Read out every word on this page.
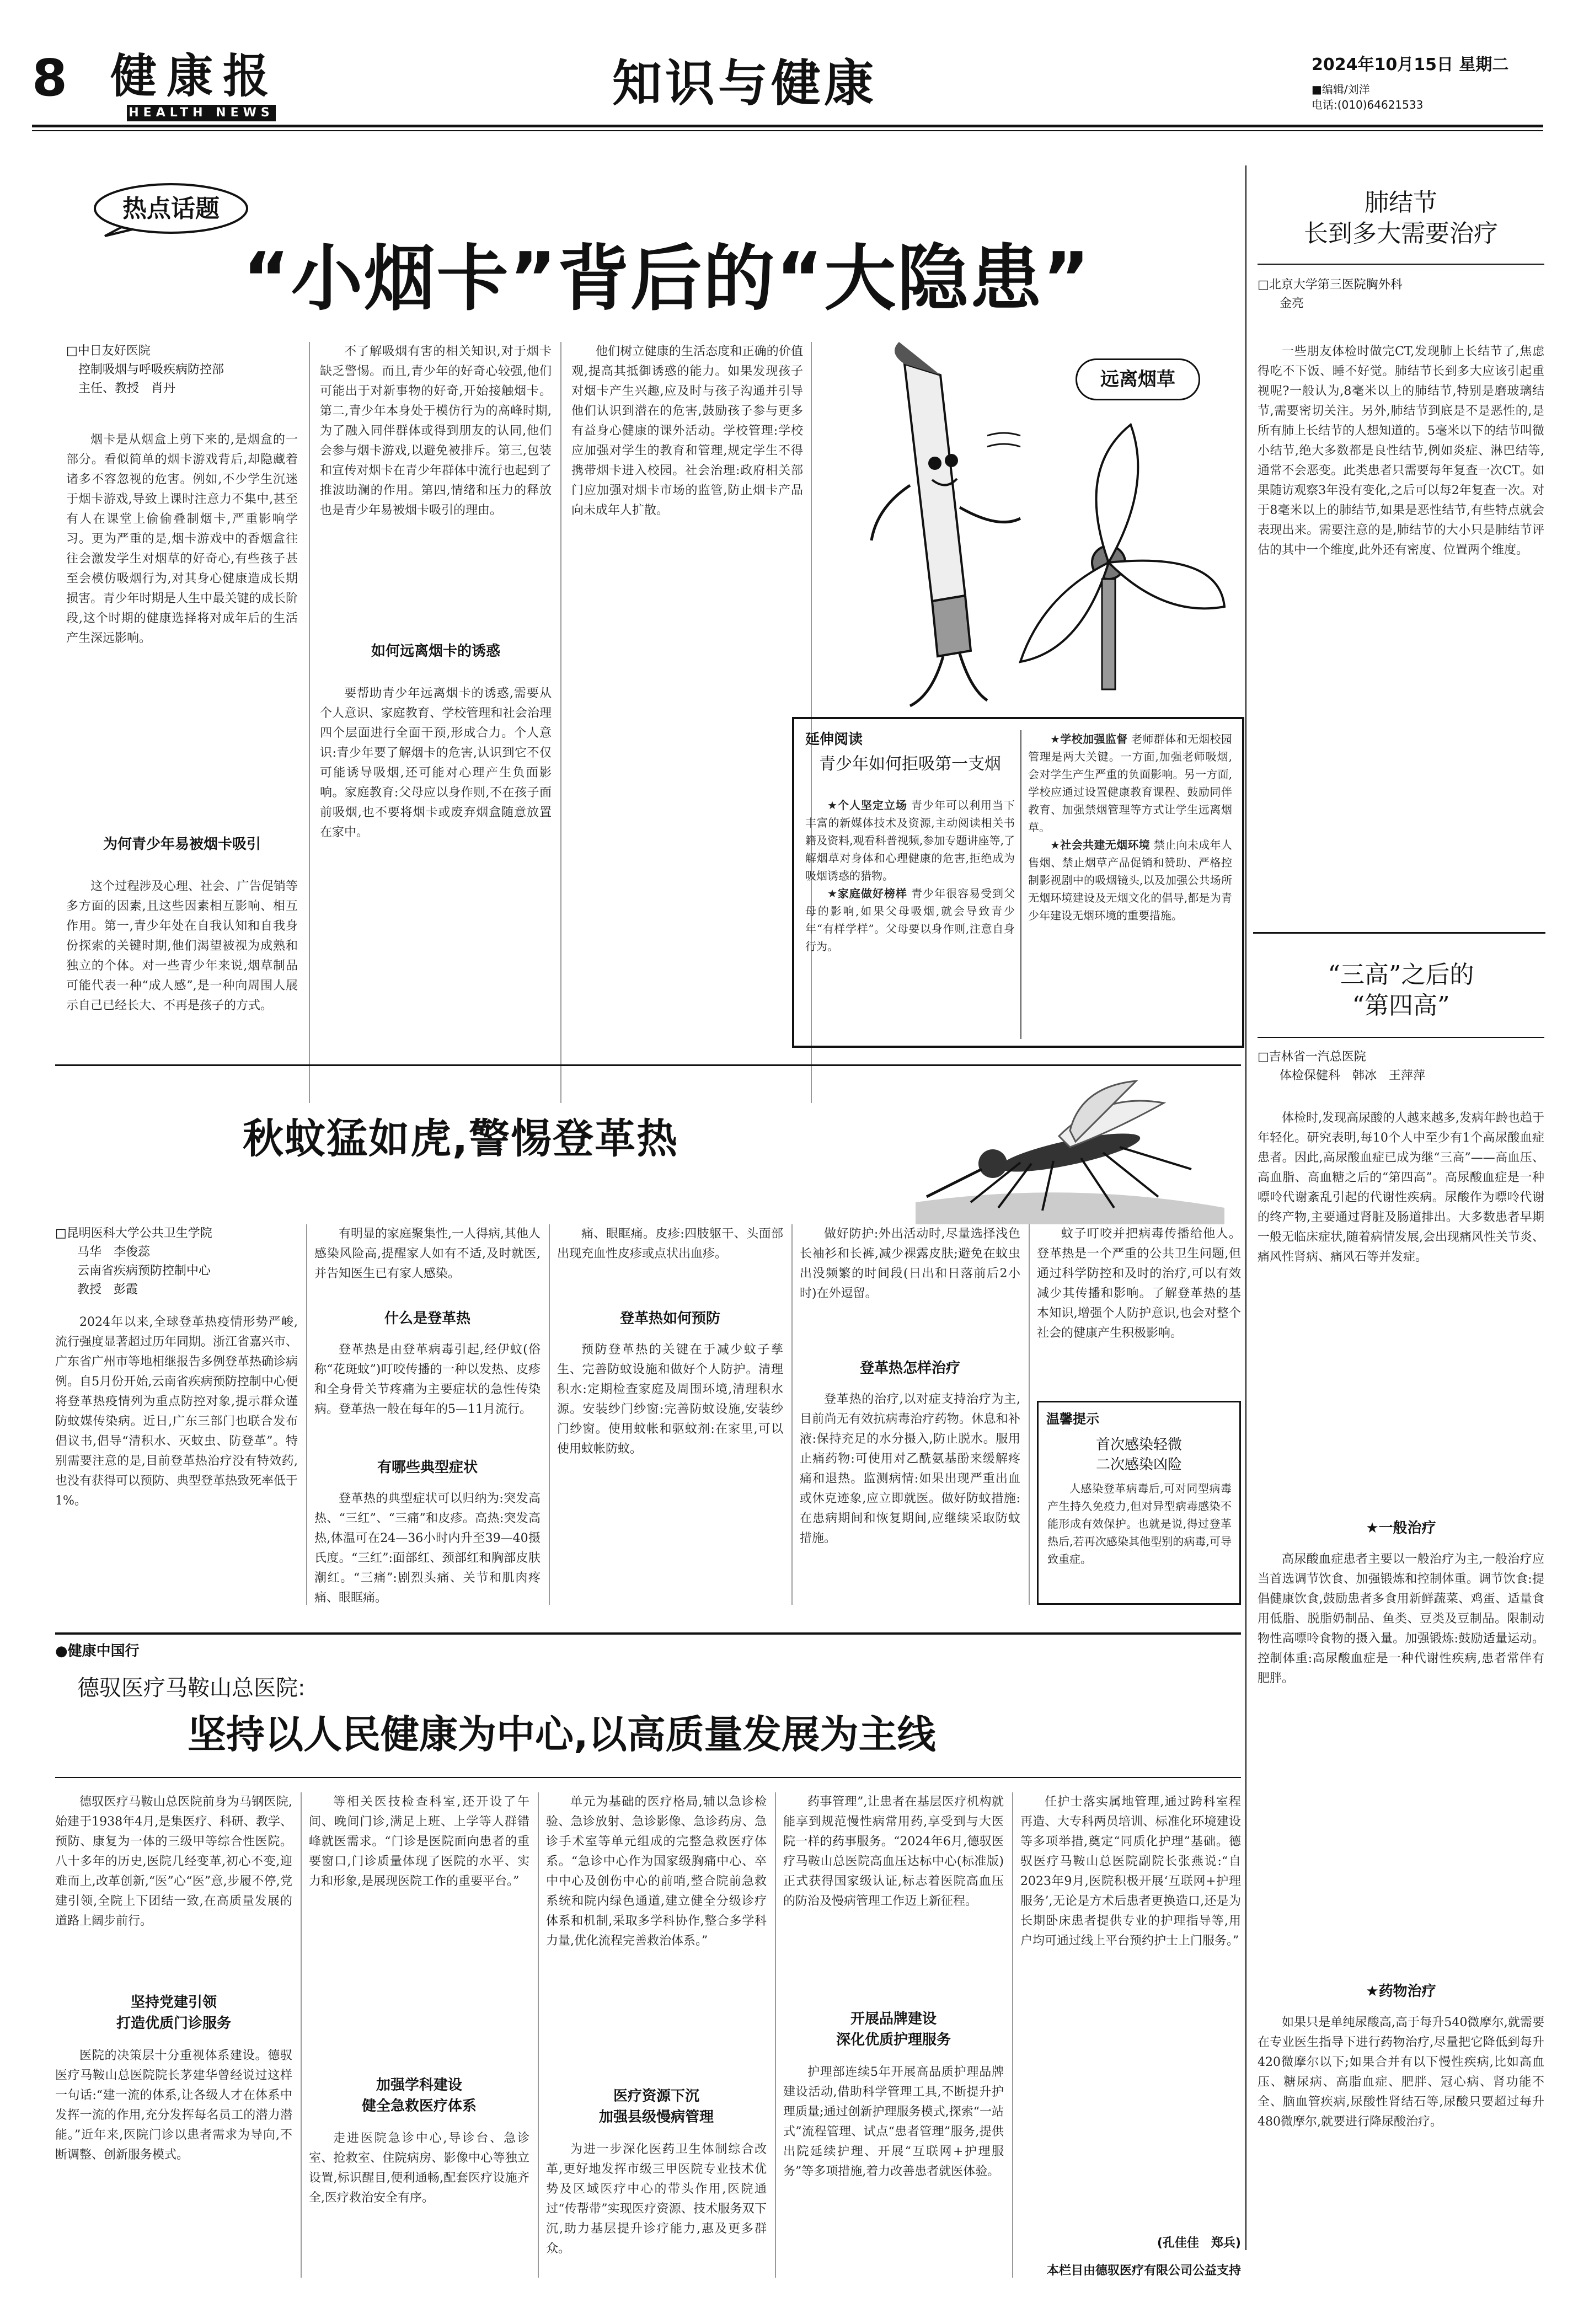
8 健康报
HEALTH NEWS
知识与健康	2024年10月15日 星期二
■编辑/刘洋
电话:(010)64621533
热点话题
“小烟卡”背后的“大隐患”
□中日友好医院
控制吸烟与呼吸疾病防控部
主任、教授　肖丹

烟卡是从烟盒上剪下来的,是烟盒的一部分。看似简单的烟卡游戏背后,却隐藏着诸多不容忽视的危害。例如,不少学生沉迷于烟卡游戏,导致上课时注意力不集中,甚至有人在课堂上偷偷叠制烟卡,严重影响学习。更为严重的是,烟卡游戏中的香烟盒往往会激发学生对烟草的好奇心,有些孩子甚至会模仿吸烟行为,对其身心健康造成长期损害。青少年时期是人生中最关键的成长阶段,这个时期的健康选择将对成年后的生活产生深远影响。

为何青少年易被烟卡吸引

这个过程涉及心理、社会、广告促销等多方面的因素,且这些因素相互影响、相互作用。第一,青少年处在自我认知和自我身份探索的关键时期,他们渴望被视为成熟和独立的个体。对一些青少年来说,烟草制品可能代表一种“成人感”,是一种向周围人展示自己已经长大、不再是孩子的方式。

不了解吸烟有害的相关知识,对于烟卡缺乏警惕。而且,青少年的好奇心较强,他们可能出于对新事物的好奇,开始接触烟卡。第二,青少年本身处于模仿行为的高峰时期,为了融入同伴群体或得到朋友的认同,他们会参与烟卡游戏,以避免被排斥。第三,包装和宣传对烟卡在青少年群体中流行也起到了推波助澜的作用。第四,情绪和压力的释放也是青少年易被烟卡吸引的理由。

如何远离烟卡的诱惑

要帮助青少年远离烟卡的诱惑,需要从个人意识、家庭教育、学校管理和社会治理四个层面进行全面干预,形成合力。个人意识:青少年要了解烟卡的危害,认识到它不仅可能诱导吸烟,还可能对心理产生负面影响。家庭教育:父母应以身作则,不在孩子面前吸烟,也不要将烟卡或废弃烟盒随意放置在家中。

他们树立健康的生活态度和正确的价值观,提高其抵御诱惑的能力。如果发现孩子对烟卡产生兴趣,应及时与孩子沟通并引导他们认识到潜在的危害,鼓励孩子参与更多有益身心健康的课外活动。学校管理:学校应加强对学生的教育和管理,规定学生不得携带烟卡进入校园。社会治理:政府相关部门应加强对烟卡市场的监管,防止烟卡产品向未成年人扩散。

远离烟草
延伸阅读
青少年如何拒吸第一支烟

★个人坚定立场 青少年可以利用当下丰富的新媒体技术及资源,主动阅读相关书籍及资料,观看科普视频,参加专题讲座等,了解烟草对身体和心理健康的危害,拒绝成为吸烟诱惑的猎物。

★家庭做好榜样 青少年很容易受到父母的影响,如果父母吸烟,就会导致青少年“有样学样”。父母要以身作则,注意自身行为。

★学校加强监督 老师群体和无烟校园管理是两大关键。一方面,加强老师吸烟,会对学生产生严重的负面影响。另一方面,学校应通过设置健康教育课程、鼓励同伴教育、加强禁烟管理等方式让学生远离烟草。

★社会共建无烟环境 禁止向未成年人售烟、禁止烟草产品促销和赞助、严格控制影视剧中的吸烟镜头,以及加强公共场所无烟环境建设及无烟文化的倡导,都是为青少年建设无烟环境的重要措施。

肺结节
长到多大需要治疗
□北京大学第三医院胸外科
金亮

一些朋友体检时做完CT,发现肺上长结节了,焦虑得吃不下饭、睡不好觉。肺结节长到多大应该引起重视呢?一般认为,8毫米以上的肺结节,特别是磨玻璃结节,需要密切关注。另外,肺结节到底是不是恶性的,是所有肺上长结节的人想知道的。5毫米以下的结节叫微小结节,绝大多数都是良性结节,例如炎症、淋巴结等,通常不会恶变。此类患者只需要每年复查一次CT。如果随访观察3年没有变化,之后可以每2年复查一次。对于8毫米以上的肺结节,如果是恶性结节,有些特点就会表现出来。需要注意的是,肺结节的大小只是肺结节评估的其中一个维度,此外还有密度、位置两个维度。

“三高”之后的
“第四高”
□吉林省一汽总医院
体检保健科　韩冰　王萍萍

体检时,发现高尿酸的人越来越多,发病年龄也趋于年轻化。研究表明,每10个人中至少有1个高尿酸血症患者。因此,高尿酸血症已成为继“三高”——高血压、高血脂、高血糖之后的“第四高”。高尿酸血症是一种嘌呤代谢紊乱引起的代谢性疾病。尿酸作为嘌呤代谢的终产物,主要通过肾脏及肠道排出。大多数患者早期一般无临床症状,随着病情发展,会出现痛风性关节炎、痛风性肾病、痛风石等并发症。

★一般治疗

高尿酸血症患者主要以一般治疗为主,一般治疗应当首选调节饮食、加强锻炼和控制体重。调节饮食:提倡健康饮食,鼓励患者多食用新鲜蔬菜、鸡蛋、适量食用低脂、脱脂奶制品、鱼类、豆类及豆制品。限制动物性高嘌呤食物的摄入量。加强锻炼:鼓励适量运动。控制体重:高尿酸血症是一种代谢性疾病,患者常伴有肥胖。

★药物治疗

如果只是单纯尿酸高,高于每升540微摩尔,就需要在专业医生指导下进行药物治疗,尽量把它降低到每升420微摩尔以下;如果合并有以下慢性疾病,比如高血压、糖尿病、高脂血症、肥胖、冠心病、肾功能不全、脑血管疾病,尿酸性肾结石等,尿酸只要超过每升480微摩尔,就要进行降尿酸治疗。

秋蚊猛如虎,警惕登革热
□昆明医科大学公共卫生学院
马华　李俊蕊
云南省疾病预防控制中心
教授　彭霞

2024年以来,全球登革热疫情形势严峻,流行强度显著超过历年同期。浙江省嘉兴市、广东省广州市等地相继报告多例登革热确诊病例。自5月份开始,云南省疾病预防控制中心便将登革热疫情列为重点防控对象,提示群众谨防蚊媒传染病。近日,广东三部门也联合发布倡议书,倡导“清积水、灭蚊虫、防登革”。特别需要注意的是,目前登革热治疗没有特效药,也没有获得可以预防、典型登革热致死率低于1%。

有明显的家庭聚集性,一人得病,其他人感染风险高,提醒家人如有不适,及时就医,并告知医生已有家人感染。

什么是登革热

登革热是由登革病毒引起,经伊蚊(俗称“花斑蚊”)叮咬传播的一种以发热、皮疹和全身骨关节疼痛为主要症状的急性传染病。登革热一般在每年的5—11月流行。

有哪些典型症状

登革热的典型症状可以归纳为:突发高热、“三红”、“三痛”和皮疹。高热:突发高热,体温可在24—36小时内升至39—40摄氏度。“三红”:面部红、颈部红和胸部皮肤潮红。“三痛”:剧烈头痛、关节和肌肉疼痛、眼眶痛。

痛、眼眶痛。皮疹:四肢躯干、头面部出现充血性皮疹或点状出血疹。

登革热如何预防

预防登革热的关键在于减少蚊子孳生、完善防蚊设施和做好个人防护。清理积水:定期检查家庭及周围环境,清理积水源。安装纱门纱窗:完善防蚊设施,安装纱门纱窗。使用蚊帐和驱蚊剂:在家里,可以使用蚊帐防蚊。

做好防护:外出活动时,尽量选择浅色长袖衫和长裤,减少裸露皮肤;避免在蚊虫出没频繁的时间段(日出和日落前后2小时)在外逗留。

登革热怎样治疗

登革热的治疗,以对症支持治疗为主,目前尚无有效抗病毒治疗药物。休息和补液:保持充足的水分摄入,防止脱水。服用止痛药物:可使用对乙酰氨基酚来缓解疼痛和退热。监测病情:如果出现严重出血或休克迹象,应立即就医。做好防蚊措施:在患病期间和恢复期间,应继续采取防蚊措施。

蚊子叮咬并把病毒传播给他人。登革热是一个严重的公共卫生问题,但通过科学防控和及时的治疗,可以有效减少其传播和影响。了解登革热的基本知识,增强个人防护意识,也会对整个社会的健康产生积极影响。

温馨提示
首次感染轻微
二次感染凶险

人感染登革病毒后,可对同型病毒产生持久免疫力,但对异型病毒感染不能形成有效保护。也就是说,得过登革热后,若再次感染其他型别的病毒,可导致重症。

●健康中国行
德驭医疗马鞍山总医院:
坚持以人民健康为中心,以高质量发展为主线

德驭医疗马鞍山总医院前身为马钢医院,始建于1938年4月,是集医疗、科研、教学、预防、康复为一体的三级甲等综合性医院。八十多年的历史,医院几经变革,初心不变,迎难而上,改革创新,“医”心“医”意,步履不停,党建引领,全院上下团结一致,在高质量发展的道路上阔步前行。

坚持党建引领
打造优质门诊服务

医院的决策层十分重视体系建设。德驭医疗马鞍山总医院院长茅建华曾经说过这样一句话:“建一流的体系,让各级人才在体系中发挥一流的作用,充分发挥每名员工的潜力潜能。”近年来,医院门诊以患者需求为导向,不断调整、创新服务模式。

等相关医技检查科室,还开设了午间、晚间门诊,满足上班、上学等人群错峰就医需求。“门诊是医院面向患者的重要窗口,门诊质量体现了医院的水平、实力和形象,是展现医院工作的重要平台。”

加强学科建设
健全急救医疗体系

走进医院急诊中心,导诊台、急诊室、抢救室、住院病房、影像中心等独立设置,标识醒目,便利通畅,配套医疗设施齐全,医疗救治安全有序。

单元为基础的医疗格局,辅以急诊检验、急诊放射、急诊影像、急诊药房、急诊手术室等单元组成的完整急救医疗体系。“急诊中心作为国家级胸痛中心、卒中中心及创伤中心的前哨,整合院前急救系统和院内绿色通道,建立健全分级诊疗体系和机制,采取多学科协作,整合多学科力量,优化流程完善救治体系。”

医疗资源下沉
加强县级慢病管理

为进一步深化医药卫生体制综合改革,更好地发挥市级三甲医院专业技术优势及区域医疗中心的带头作用,医院通过“传帮带”实现医疗资源、技术服务双下沉,助力基层提升诊疗能力,惠及更多群众。

药事管理”,让患者在基层医疗机构就能享到规范慢性病常用药,享受到与大医院一样的药事服务。“2024年6月,德驭医疗马鞍山总医院高血压达标中心(标准版)正式获得国家级认证,标志着医院高血压的防治及慢病管理工作迈上新征程。

开展品牌建设
深化优质护理服务

护理部连续5年开展高品质护理品牌建设活动,借助科学管理工具,不断提升护理质量;通过创新护理服务模式,探索“一站式”流程管理、试点“患者管理”服务,提供出院延续护理、开展“互联网+护理服务”等多项措施,着力改善患者就医体验。

任护士落实属地管理,通过跨科室程再造、大专科两员培训、标准化环境建设等多项举措,奠定“同质化护理”基础。德驭医疗马鞍山总医院副院长张燕说:“自2023年9月,医院积极开展‘互联网+护理服务’,无论是方术后患者更换造口,还是为长期卧床患者提供专业的护理指导等,用户均可通过线上平台预约护士上门服务。”

(孔佳佳　郑兵)
本栏目由德驭医疗有限公司公益支持
